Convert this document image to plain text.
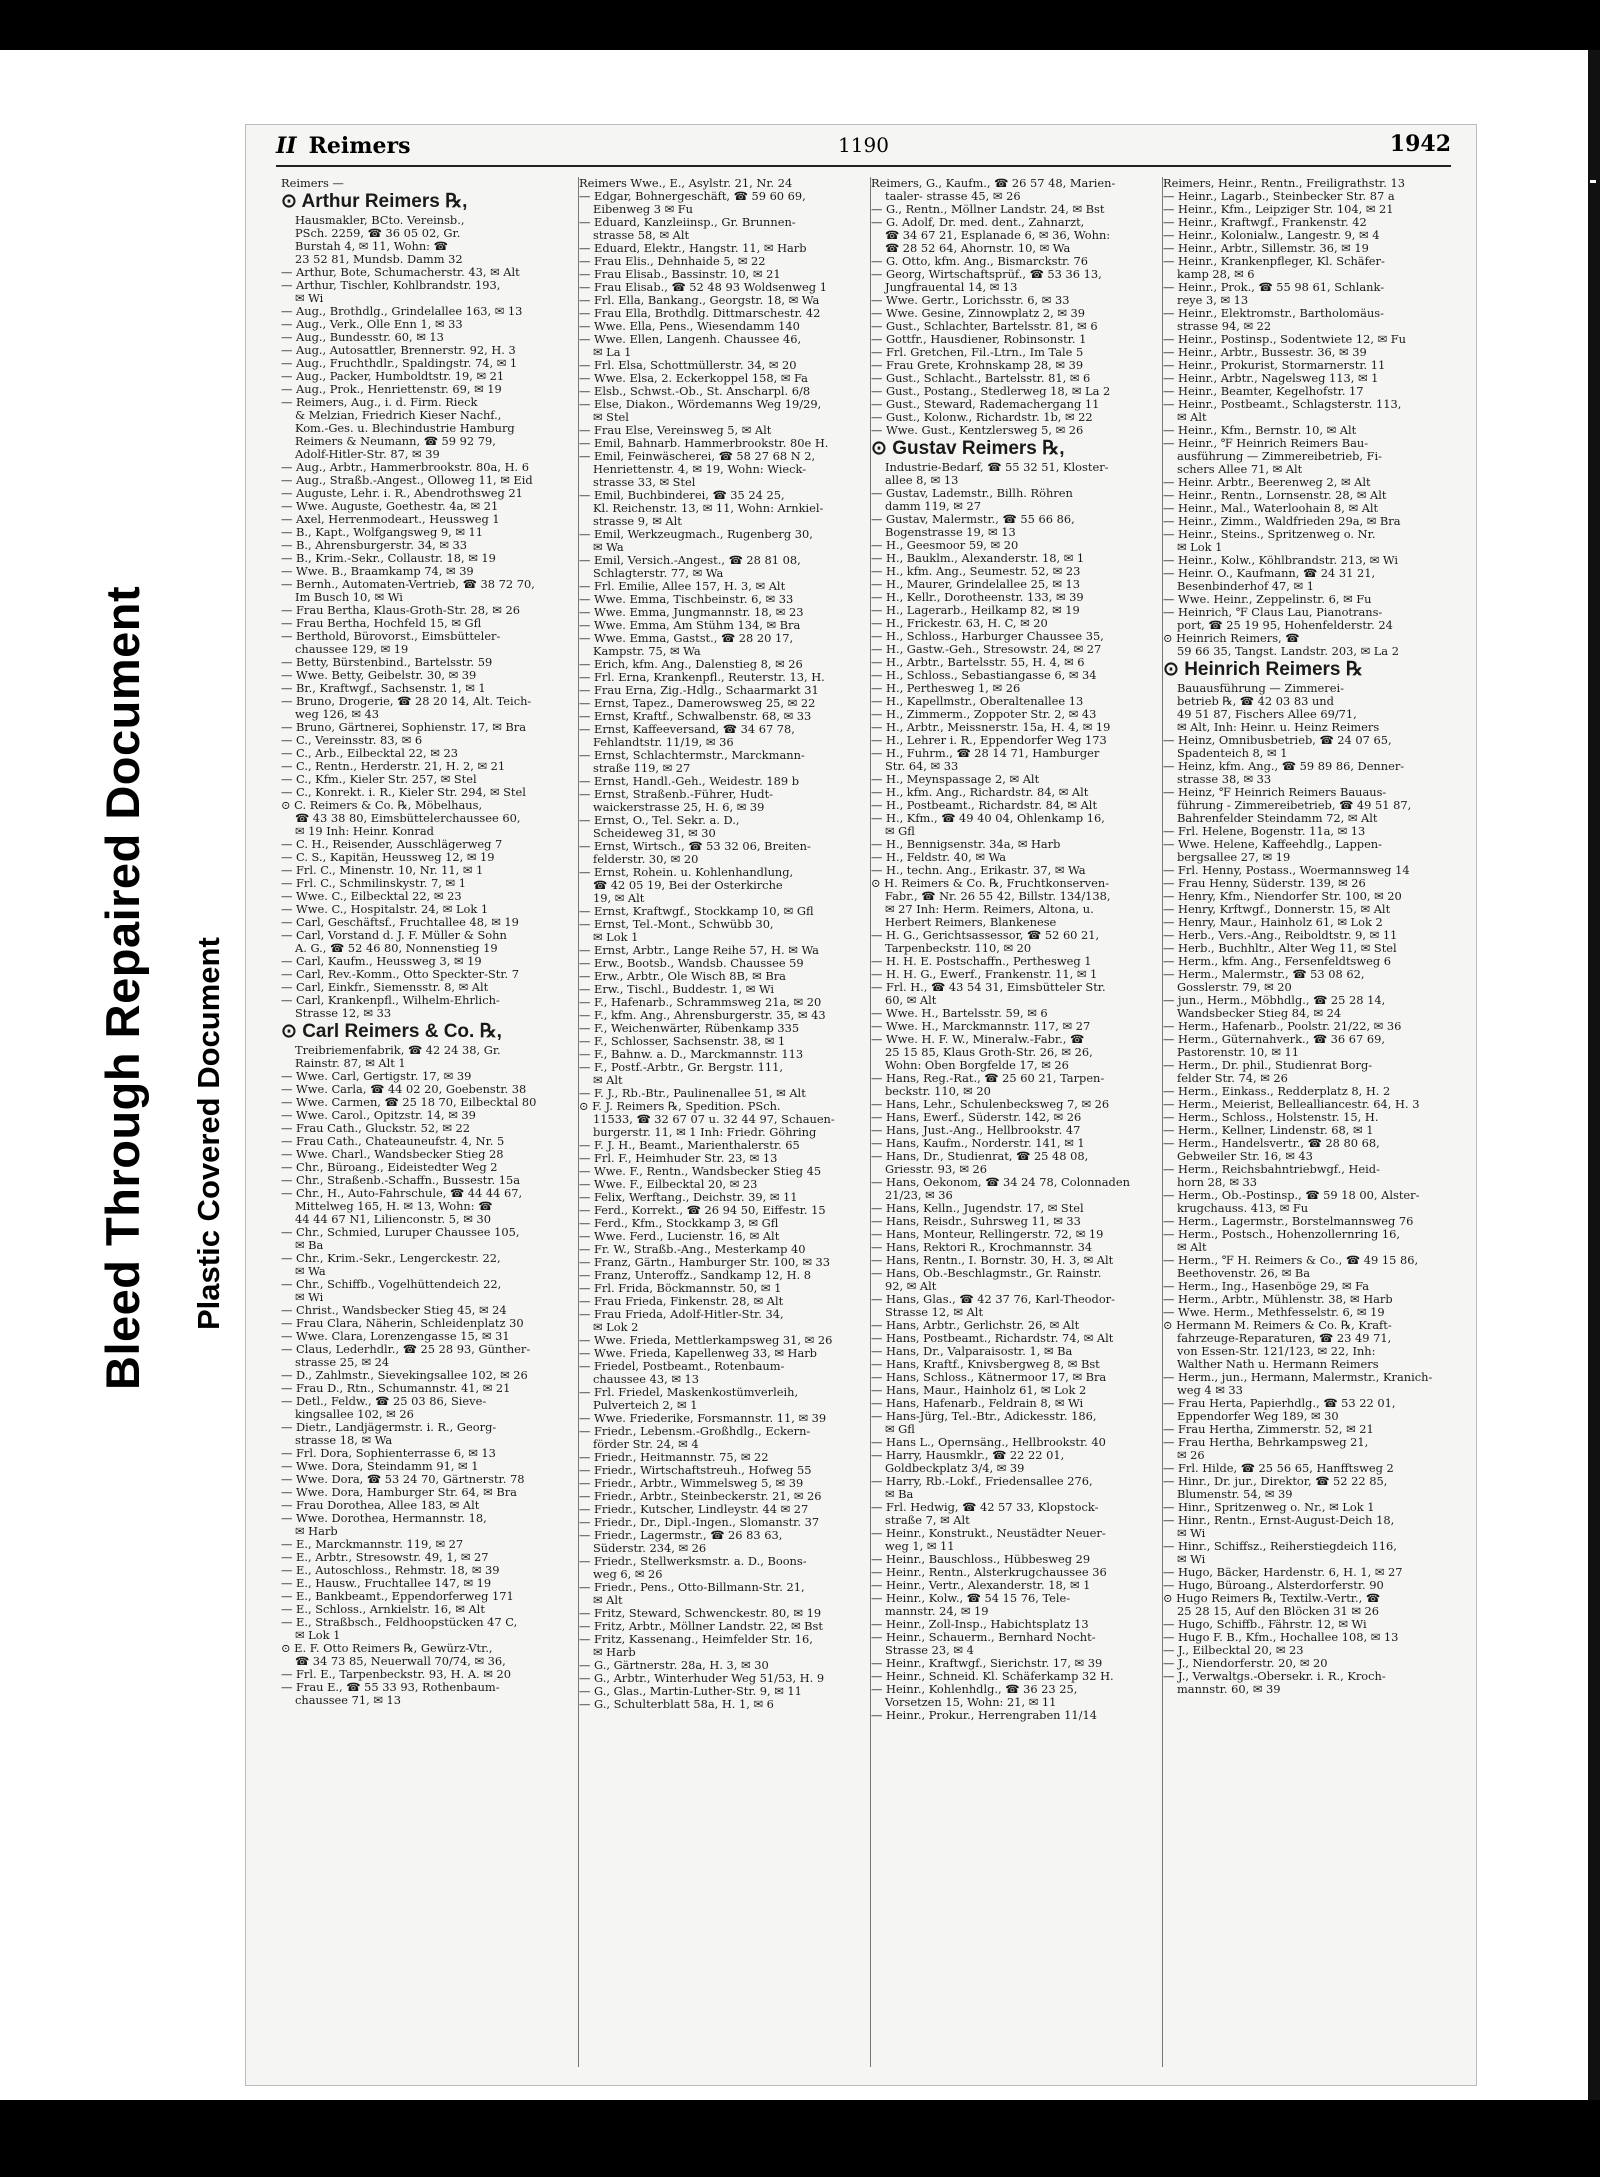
Bleed Through Repaired Document Plastic Covered Document
II Reimers	1190	1942
Reimers —
⊙ Arthur Reimers ℞,
Hausmakler, BCto. Vereinsb.,
PSch. 2259, ☎ 36 05 02, Gr.
Burstah 4, ✉ 11, Wohn: ☎
23 52 81, Mundsb. Damm 32
— Arthur, Bote, Schumacherstr. 43, ✉ Alt
— Arthur, Tischler, Kohlbrandstr. 193,
✉ Wi
— Aug., Brothdlg., Grindelallee 163, ✉ 13
— Aug., Verk., Olle Enn 1, ✉ 33
— Aug., Bundesstr. 60, ✉ 13
— Aug., Autosattler, Brennerstr. 92, H. 3
— Aug., Fruchthdlr., Spaldingstr. 74, ✉ 1
— Aug., Packer, Humboldtstr. 19, ✉ 21
— Aug., Prok., Henriettenstr. 69, ✉ 19
— Reimers, Aug., i. d. Firm. Rieck
& Melzian, Friedrich Kieser Nachf.,
Kom.-Ges. u. Blechindustrie Hamburg
Reimers & Neumann, ☎ 59 92 79,
Adolf-Hitler-Str. 87, ✉ 39
— Aug., Arbtr., Hammerbrookstr. 80a, H. 6
— Aug., Straßb.-Angest., Olloweg 11, ✉ Eid
— Auguste, Lehr. i. R., Abendrothsweg 21
— Wwe. Auguste, Goethestr. 4a, ✉ 21
— Axel, Herrenmodeart., Heussweg 1
— B., Kapt., Wolfgangsweg 9, ✉ 11
— B., Ahrensburgerstr. 34, ✉ 33
— B., Krim.-Sekr., Collaustr. 18, ✉ 19
— Wwe. B., Braamkamp 74, ✉ 39
— Bernh., Automaten-Vertrieb, ☎ 38 72 70,
Im Busch 10, ✉ Wi
— Frau Bertha, Klaus-Groth-Str. 28, ✉ 26
— Frau Bertha, Hochfeld 15, ✉ Gfl
— Berthold, Bürovorst., Eimsbütteler-
chaussee 129, ✉ 19
— Betty, Bürstenbind., Bartelsstr. 59
— Wwe. Betty, Geibelstr. 30, ✉ 39
— Br., Kraftwgf., Sachsenstr. 1, ✉ 1
— Bruno, Drogerie, ☎ 28 20 14, Alt. Teich-
weg 126, ✉ 43
— Bruno, Gärtnerei, Sophienstr. 17, ✉ Bra
— C., Vereinsstr. 83, ✉ 6
— C., Arb., Eilbecktal 22, ✉ 23
— C., Rentn., Herderstr. 21, H. 2, ✉ 21
— C., Kfm., Kieler Str. 257, ✉ Stel
— C., Konrekt. i. R., Kieler Str. 294, ✉ Stel
⊙ C. Reimers & Co. ℞, Möbelhaus,
☎ 43 38 80, Eimsbüttelerchaussee 60,
✉ 19 Inh: Heinr. Konrad
— C. H., Reisender, Ausschlägerweg 7
— C. S., Kapitän, Heussweg 12, ✉ 19
— Frl. C., Minenstr. 10, Nr. 11, ✉ 1
— Frl. C., Schmilinskystr. 7, ✉ 1
— Wwe. C., Eilbecktal 22, ✉ 23
— Wwe. C., Hospitalstr. 24, ✉ Lok 1
— Carl, Geschäftsf., Fruchtallee 48, ✉ 19
— Carl, Vorstand d. J. F. Müller & Sohn
A. G., ☎ 52 46 80, Nonnenstieg 19
— Carl, Kaufm., Heussweg 3, ✉ 19
— Carl, Rev.-Komm., Otto Speckter-Str. 7
— Carl, Einkfr., Siemensstr. 8, ✉ Alt
— Carl, Krankenpfl., Wilhelm-Ehrlich-
Strasse 12, ✉ 33
⊙ Carl Reimers & Co. ℞,
Treibriemenfabrik, ☎ 42 24 38, Gr.
Rainstr. 87, ✉ Alt 1
— Wwe. Carl, Gertigstr. 17, ✉ 39
— Wwe. Carla, ☎ 44 02 20, Goebenstr. 38
— Wwe. Carmen, ☎ 25 18 70, Eilbecktal 80
— Wwe. Carol., Opitzstr. 14, ✉ 39
— Frau Cath., Gluckstr. 52, ✉ 22
— Frau Cath., Chateauneufstr. 4, Nr. 5
— Wwe. Charl., Wandsbecker Stieg 28
— Chr., Büroang., Eideistedter Weg 2
— Chr., Straßenb.-Schaffn., Bussestr. 15a
— Chr., H., Auto-Fahrschule, ☎ 44 44 67,
Mittelweg 165, H. ✉ 13, Wohn: ☎
44 44 67 N1, Lilienconstr. 5, ✉ 30
— Chr., Schmied, Luruper Chaussee 105,
✉ Ba
— Chr., Krim.-Sekr., Lengerckestr. 22,
✉ Wa
— Chr., Schiffb., Vogelhüttendeich 22,
✉ Wi
— Christ., Wandsbecker Stieg 45, ✉ 24
— Frau Clara, Näherin, Schleidenplatz 30
— Wwe. Clara, Lorenzengasse 15, ✉ 31
— Claus, Lederhdlr., ☎ 25 28 93, Günther-
strasse 25, ✉ 24
— D., Zahlmstr., Sievekingsallee 102, ✉ 26
— Frau D., Rtn., Schumannstr. 41, ✉ 21
— Detl., Feldw., ☎ 25 03 86, Sieve-
kingsallee 102, ✉ 26
— Dietr., Landjägermstr. i. R., Georg-
strasse 18, ✉ Wa
— Frl. Dora, Sophienterrasse 6, ✉ 13
— Wwe. Dora, Steindamm 91, ✉ 1
— Wwe. Dora, ☎ 53 24 70, Gärtnerstr. 78
— Wwe. Dora, Hamburger Str. 64, ✉ Bra
— Frau Dorothea, Allee 183, ✉ Alt
— Wwe. Dorothea, Hermannstr. 18,
✉ Harb
— E., Marckmannstr. 119, ✉ 27
— E., Arbtr., Stresowstr. 49, 1, ✉ 27
— E., Autoschloss., Rehmstr. 18, ✉ 39
— E., Hausw., Fruchtallee 147, ✉ 19
— E., Bankbeamt., Eppendorferweg 171
— E., Schloss., Arnkielstr. 16, ✉ Alt
— E., Straßbsch., Feldhoopstücken 47 C,
✉ Lok 1
⊙ E. F. Otto Reimers ℞, Gewürz-Vtr.,
☎ 34 73 85, Neuerwall 70/74, ✉ 36,
— Frl. E., Tarpenbeckstr. 93, H. A. ✉ 20
— Frau E., ☎ 55 33 93, Rothenbaum-
chaussee 71, ✉ 13
Reimers Wwe., E., Asylstr. 21, Nr. 24
— Edgar, Bohnergeschäft, ☎ 59 60 69,
Eibenweg 3 ✉ Fu
— Eduard, Kanzleiinsp., Gr. Brunnen-
strasse 58, ✉ Alt
— Eduard, Elektr., Hangstr. 11, ✉ Harb
— Frau Elis., Dehnhaide 5, ✉ 22
— Frau Elisab., Bassinstr. 10, ✉ 21
— Frau Elisab., ☎ 52 48 93 Woldsenweg 1
— Frl. Ella, Bankang., Georgstr. 18, ✉ Wa
— Frau Ella, Brothdlg. Dittmarschestr. 42
— Wwe. Ella, Pens., Wiesendamm 140
— Wwe. Ellen, Langenh. Chaussee 46,
✉ La 1
— Frl. Elsa, Schottmüllerstr. 34, ✉ 20
— Wwe. Elsa, 2. Eckerkoppel 158, ✉ Fa
— Elsb., Schwst.-Ob., St. Anscharpl. 6/8
— Else, Diakon., Wördemanns Weg 19/29,
✉ Stel
— Frau Else, Vereinsweg 5, ✉ Alt
— Emil, Bahnarb. Hammerbrookstr. 80e H.
— Emil, Feinwäscherei, ☎ 58 27 68 N 2,
Henriettenstr. 4, ✉ 19, Wohn: Wieck-
strasse 33, ✉ Stel
— Emil, Buchbinderei, ☎ 35 24 25,
Kl. Reichenstr. 13, ✉ 11, Wohn: Arnkiel-
strasse 9, ✉ Alt
— Emil, Werkzeugmach., Rugenberg 30,
✉ Wa
— Emil, Versich.-Angest., ☎ 28 81 08,
Schlagterstr. 77, ✉ Wa
— Frl. Emilie, Allee 157, H. 3, ✉ Alt
— Wwe. Emma, Tischbeinstr. 6, ✉ 33
— Wwe. Emma, Jungmannstr. 18, ✉ 23
— Wwe. Emma, Am Stühm 134, ✉ Bra
— Wwe. Emma, Gastst., ☎ 28 20 17,
Kampstr. 75, ✉ Wa
— Erich, kfm. Ang., Dalenstieg 8, ✉ 26
— Frl. Erna, Krankenpfl., Reuterstr. 13, H.
— Frau Erna, Zig.-Hdlg., Schaarmarkt 31
— Ernst, Tapez., Damerowsweg 25, ✉ 22
— Ernst, Kraftf., Schwalbenstr. 68, ✉ 33
— Ernst, Kaffeeversand, ☎ 34 67 78,
Fehlandtstr. 11/19, ✉ 36
— Ernst, Schlachtermstr., Marckmann-
straße 119, ✉ 27
— Ernst, Handl.-Geh., Weidestr. 189 b
— Ernst, Straßenb.-Führer, Hudt-
waickerstrasse 25, H. 6, ✉ 39
— Ernst, O., Tel. Sekr. a. D.,
Scheideweg 31, ✉ 30
— Ernst, Wirtsch., ☎ 53 32 06, Breiten-
felderstr. 30, ✉ 20
— Ernst, Rohein. u. Kohlenhandlung,
☎ 42 05 19, Bei der Osterkirche
19, ✉ Alt
— Ernst, Kraftwgf., Stockkamp 10, ✉ Gfl
— Ernst, Tel.-Mont., Schwübb 30,
✉ Lok 1
— Ernst, Arbtr., Lange Reihe 57, H. ✉ Wa
— Erw., Bootsb., Wandsb. Chaussee 59
— Erw., Arbtr., Ole Wisch 8B, ✉ Bra
— Erw., Tischl., Buddestr. 1, ✉ Wi
— F., Hafenarb., Schrammsweg 21a, ✉ 20
— F., kfm. Ang., Ahrensburgerstr. 35, ✉ 43
— F., Weichenwärter, Rübenkamp 335
— F., Schlosser, Sachsenstr. 38, ✉ 1
— F., Bahnw. a. D., Marckmannstr. 113
— F., Postf.-Arbtr., Gr. Bergstr. 111,
✉ Alt
— F. J., Rb.-Btr., Paulinenallee 51, ✉ Alt
⊙ F. J. Reimers ℞, Spedition. PSch.
11533, ☎ 32 67 07 u. 32 44 97, Schauen-
burgerstr. 11, ✉ 1 Inh: Friedr. Göhring
— F. J. H., Beamt., Marienthalerstr. 65
— Frl. F., Heimhuder Str. 23, ✉ 13
— Wwe. F., Rentn., Wandsbecker Stieg 45
— Wwe. F., Eilbecktal 20, ✉ 23
— Felix, Werftang., Deichstr. 39, ✉ 11
— Ferd., Korrekt., ☎ 26 94 50, Eiffestr. 15
— Ferd., Kfm., Stockkamp 3, ✉ Gfl
— Wwe. Ferd., Lucienstr. 16, ✉ Alt
— Fr. W., Straßb.-Ang., Mesterkamp 40
— Franz, Gärtn., Hamburger Str. 100, ✉ 33
— Franz, Unteroffz., Sandkamp 12, H. 8
— Frl. Frida, Böckmannstr. 50, ✉ 1
— Frau Frieda, Finkenstr. 28, ✉ Alt
— Frau Frieda, Adolf-Hitler-Str. 34,
✉ Lok 2
— Wwe. Frieda, Mettlerkampsweg 31, ✉ 26
— Wwe. Frieda, Kapellenweg 33, ✉ Harb
— Friedel, Postbeamt., Rotenbaum-
chaussee 43, ✉ 13
— Frl. Friedel, Maskenkostümverleih,
Pulverteich 2, ✉ 1
— Wwe. Friederike, Forsmannstr. 11, ✉ 39
— Friedr., Lebensm.-Großhdlg., Eckern-
förder Str. 24, ✉ 4
— Friedr., Heitmannstr. 75, ✉ 22
— Friedr., Wirtschaftstreuh., Hofweg 55
— Friedr., Arbtr., Wimmelsweg 5, ✉ 39
— Friedr., Arbtr., Steinbeckerstr. 21, ✉ 26
— Friedr., Kutscher, Lindleystr. 44 ✉ 27
— Friedr., Dr., Dipl.-Ingen., Slomanstr. 37
— Friedr., Lagermstr., ☎ 26 83 63,
Süderstr. 234, ✉ 26
— Friedr., Stellwerksmstr. a. D., Boons-
weg 6, ✉ 26
— Friedr., Pens., Otto-Billmann-Str. 21,
✉ Alt
— Fritz, Steward, Schwenckestr. 80, ✉ 19
— Fritz, Arbtr., Möllner Landstr. 22, ✉ Bst
— Fritz, Kassenang., Heimfelder Str. 16,
✉ Harb
— G., Gärtnerstr. 28a, H. 3, ✉ 30
— G., Arbtr., Winterhuder Weg 51/53, H. 9
— G., Glas., Martin-Luther-Str. 9, ✉ 11
— G., Schulterblatt 58a, H. 1, ✉ 6
Reimers, G., Kaufm., ☎ 26 57 48, Marien-
taaler- strasse 45, ✉ 26
— G., Rentn., Möllner Landstr. 24, ✉ Bst
— G. Adolf, Dr. med. dent., Zahnarzt,
☎ 34 67 21, Esplanade 6, ✉ 36, Wohn:
☎ 28 52 64, Ahornstr. 10, ✉ Wa
— G. Otto, kfm. Ang., Bismarckstr. 76
— Georg, Wirtschaftsprüf., ☎ 53 36 13,
Jungfrauental 14, ✉ 13
— Wwe. Gertr., Lorichsstr. 6, ✉ 33
— Wwe. Gesine, Zinnowplatz 2, ✉ 39
— Gust., Schlachter, Bartelsstr. 81, ✉ 6
— Gottfr., Hausdiener, Robinsonstr. 1
— Frl. Gretchen, Fil.-Ltrn., Im Tale 5
— Frau Grete, Krohnskamp 28, ✉ 39
— Gust., Schlacht., Bartelsstr. 81, ✉ 6
— Gust., Postang., Stedlerweg 18, ✉ La 2
— Gust., Steward, Rademachergang 11
— Gust., Kolonw., Richardstr. 1b, ✉ 22
— Wwe. Gust., Kentzlersweg 5, ✉ 26
⊙ Gustav Reimers ℞,
Industrie-Bedarf, ☎ 55 32 51, Kloster-
allee 8, ✉ 13
— Gustav, Lademstr., Billh. Röhren
damm 119, ✉ 27
— Gustav, Malermstr., ☎ 55 66 86,
Bogenstrasse 19, ✉ 13
— H., Geesmoor 59, ✉ 20
— H., Bauklm., Alexanderstr. 18, ✉ 1
— H., kfm. Ang., Seumestr. 52, ✉ 23
— H., Maurer, Grindelallee 25, ✉ 13
— H., Kellr., Dorotheenstr. 133, ✉ 39
— H., Lagerarb., Heilkamp 82, ✉ 19
— H., Frickestr. 63, H. C, ✉ 20
— H., Schloss., Harburger Chaussee 35,
— H., Gastw.-Geh., Stresowstr. 24, ✉ 27
— H., Arbtr., Bartelsstr. 55, H. 4, ✉ 6
— H., Schloss., Sebastiangasse 6, ✉ 34
— H., Perthesweg 1, ✉ 26
— H., Kapellmstr., Oberaltenallee 13
— H., Zimmerm., Zoppoter Str. 2, ✉ 43
— H., Arbtr., Meissnerstr. 15a, H. 4, ✉ 19
— H., Lehrer i. R., Eppendorfer Weg 173
— H., Fuhrm., ☎ 28 14 71, Hamburger
Str. 64, ✉ 33
— H., Meynspassage 2, ✉ Alt
— H., kfm. Ang., Richardstr. 84, ✉ Alt
— H., Postbeamt., Richardstr. 84, ✉ Alt
— H., Kfm., ☎ 49 40 04, Ohlenkamp 16,
✉ Gfl
— H., Bennigsenstr. 34a, ✉ Harb
— H., Feldstr. 40, ✉ Wa
— H., techn. Ang., Erikastr. 37, ✉ Wa
⊙ H. Reimers & Co. ℞, Fruchtkonserven-
Fabr., ☎ Nr. 26 55 42, Billstr. 134/138,
✉ 27 Inh: Herm. Reimers, Altona, u.
Herbert Reimers, Blankenese
— H. G., Gerichtsassessor, ☎ 52 60 21,
Tarpenbeckstr. 110, ✉ 20
— H. H. E. Postschaffn., Perthesweg 1
— H. H. G., Ewerf., Frankenstr. 11, ✉ 1
— Frl. H., ☎ 43 54 31, Eimsbütteler Str.
60, ✉ Alt
— Wwe. H., Bartelsstr. 59, ✉ 6
— Wwe. H., Marckmannstr. 117, ✉ 27
— Wwe. H. F. W., Mineralw.-Fabr., ☎
25 15 85, Klaus Groth-Str. 26, ✉ 26,
Wohn: Oben Borgfelde 17, ✉ 26
— Hans, Reg.-Rat., ☎ 25 60 21, Tarpen-
beckstr. 110, ✉ 20
— Hans, Lehr., Schulenbecksweg 7, ✉ 26
— Hans, Ewerf., Süderstr. 142, ✉ 26
— Hans, Just.-Ang., Hellbrookstr. 47
— Hans, Kaufm., Norderstr. 141, ✉ 1
— Hans, Dr., Studienrat, ☎ 25 48 08,
Griesstr. 93, ✉ 26
— Hans, Oekonom, ☎ 34 24 78, Colonnaden
21/23, ✉ 36
— Hans, Kelln., Jugendstr. 17, ✉ Stel
— Hans, Reisdr., Suhrsweg 11, ✉ 33
— Hans, Monteur, Rellingerstr. 72, ✉ 19
— Hans, Rektori R., Krochmannstr. 34
— Hans, Rentn., I. Bornstr. 30, H. 3, ✉ Alt
— Hans, Ob.-Beschlagmstr., Gr. Rainstr.
92, ✉ Alt
— Hans, Glas., ☎ 42 37 76, Karl-Theodor-
Strasse 12, ✉ Alt
— Hans, Arbtr., Gerlichstr. 26, ✉ Alt
— Hans, Postbeamt., Richardstr. 74, ✉ Alt
— Hans, Dr., Valparaisostr. 1, ✉ Ba
— Hans, Kraftf., Knivsbergweg 8, ✉ Bst
— Hans, Schloss., Kätnermoor 17, ✉ Bra
— Hans, Maur., Hainholz 61, ✉ Lok 2
— Hans, Hafenarb., Feldrain 8, ✉ Wi
— Hans-Jürg, Tel.-Btr., Adickesstr. 186,
✉ Gfl
— Hans L., Opernsäng., Hellbrookstr. 40
— Harry, Hausmklr., ☎ 22 22 01,
Goldbeckplatz 3/4, ✉ 39
— Harry, Rb.-Lokf., Friedensallee 276,
✉ Ba
— Frl. Hedwig, ☎ 42 57 33, Klopstock-
straße 7, ✉ Alt
— Heinr., Konstrukt., Neustädter Neuer-
weg 1, ✉ 11
— Heinr., Bauschloss., Hübbesweg 29
— Heinr., Rentn., Alsterkrugchaussee 36
— Heinr., Vertr., Alexanderstr. 18, ✉ 1
— Heinr., Kolw., ☎ 54 15 76, Tele-
mannstr. 24, ✉ 19
— Heinr., Zoll-Insp., Habichtsplatz 13
— Heinr., Schauerm., Bernhard Nocht-
Strasse 23, ✉ 4
— Heinr., Kraftwgf., Sierichstr. 17, ✉ 39
— Heinr., Schneid. Kl. Schäferkamp 32 H.
— Heinr., Kohlenhdlg., ☎ 36 23 25,
Vorsetzen 15, Wohn: 21, ✉ 11
— Heinr., Prokur., Herrengraben 11/14
Reimers, Heinr., Rentn., Freiligrathstr. 13
— Heinr., Lagarb., Steinbecker Str. 87 a
— Heinr., Kfm., Leipziger Str. 104, ✉ 21
— Heinr., Kraftwgf., Frankenstr. 42
— Heinr., Kolonialw., Langestr. 9, ✉ 4
— Heinr., Arbtr., Sillemstr. 36, ✉ 19
— Heinr., Krankenpfleger, Kl. Schäfer-
kamp 28, ✉ 6
— Heinr., Prok., ☎ 55 98 61, Schlank-
reye 3, ✉ 13
— Heinr., Elektromstr., Bartholomäus-
strasse 94, ✉ 22
— Heinr., Postinsp., Sodentwiete 12, ✉ Fu
— Heinr., Arbtr., Bussestr. 36, ✉ 39
— Heinr., Prokurist, Stormarnerstr. 11
— Heinr., Arbtr., Nagelsweg 113, ✉ 1
— Heinr., Beamter, Kegelhofstr. 17
— Heinr., Postbeamt., Schlagsterstr. 113,
✉ Alt
— Heinr., Kfm., Bernstr. 10, ✉ Alt
— Heinr., ℉ Heinrich Reimers Bau-
ausführung — Zimmereibetrieb, Fi-
schers Allee 71, ✉ Alt
— Heinr. Arbtr., Beerenweg 2, ✉ Alt
— Heinr., Rentn., Lornsenstr. 28, ✉ Alt
— Heinr., Mal., Waterloohain 8, ✉ Alt
— Heinr., Zimm., Waldfrieden 29a, ✉ Bra
— Heinr., Steins., Spritzenweg o. Nr.
✉ Lok 1
— Heinr., Kolw., Köhlbrandstr. 213, ✉ Wi
— Heinr. O., Kaufmann, ☎ 24 31 21,
Besenbinderhof 47, ✉ 1
— Wwe. Heinr., Zeppelinstr. 6, ✉ Fu
— Heinrich, ℉ Claus Lau, Pianotrans-
port, ☎ 25 19 95, Hohenfelderstr. 24
⊙ Heinrich Reimers, ☎
59 66 35, Tangst. Landstr. 203, ✉ La 2
⊙ Heinrich Reimers ℞
Bauausführung — Zimmerei-
betrieb ℞, ☎ 42 03 83 und
49 51 87, Fischers Allee 69/71,
✉ Alt, Inh: Heinr. u. Heinz Reimers
— Heinz, Omnibusbetrieb, ☎ 24 07 65,
Spadenteich 8, ✉ 1
— Heinz, kfm. Ang., ☎ 59 89 86, Denner-
strasse 38, ✉ 33
— Heinz, ℉ Heinrich Reimers Bauaus-
führung - Zimmereibetrieb, ☎ 49 51 87,
Bahrenfelder Steindamm 72, ✉ Alt
— Frl. Helene, Bogenstr. 11a, ✉ 13
— Wwe. Helene, Kaffeehdlg., Lappen-
bergsallee 27, ✉ 19
— Frl. Henny, Postass., Woermannsweg 14
— Frau Henny, Süderstr. 139, ✉ 26
— Henry, Kfm., Niendorfer Str. 100, ✉ 20
— Henry, Krftwgf., Donnerstr. 15, ✉ Alt
— Henry, Maur., Hainholz 61, ✉ Lok 2
— Herb., Vers.-Ang., Reiboldtstr. 9, ✉ 11
— Herb., Buchhltr., Alter Weg 11, ✉ Stel
— Herm., kfm. Ang., Fersenfeldtsweg 6
— Herm., Malermstr., ☎ 53 08 62,
Gosslerstr. 79, ✉ 20
— jun., Herm., Möbhdlg., ☎ 25 28 14,
Wandsbecker Stieg 84, ✉ 24
— Herm., Hafenarb., Poolstr. 21/22, ✉ 36
— Herm., Güternahverk., ☎ 36 67 69,
Pastorenstr. 10, ✉ 11
— Herm., Dr. phil., Studienrat Borg-
felder Str. 74, ✉ 26
— Herm., Einkass., Redderplatz 8, H. 2
— Herm., Meierist, Bellealliancestr. 64, H. 3
— Herm., Schloss., Holstenstr. 15, H.
— Herm., Kellner, Lindenstr. 68, ✉ 1
— Herm., Handelsvertr., ☎ 28 80 68,
Gebweiler Str. 16, ✉ 43
— Herm., Reichsbahntriebwgf., Heid-
horn 28, ✉ 33
— Herm., Ob.-Postinsp., ☎ 59 18 00, Alster-
krugchauss. 413, ✉ Fu
— Herm., Lagermstr., Borstelmannsweg 76
— Herm., Postsch., Hohenzollernring 16,
✉ Alt
— Herm., ℉ H. Reimers & Co., ☎ 49 15 86,
Beethovenstr. 26, ✉ Ba
— Herm., Ing., Hasenböge 29, ✉ Fa
— Herm., Arbtr., Mühlenstr. 38, ✉ Harb
— Wwe. Herm., Methfesselstr. 6, ✉ 19
⊙ Hermann M. Reimers & Co. ℞, Kraft-
fahrzeuge-Reparaturen, ☎ 23 49 71,
von Essen-Str. 121/123, ✉ 22, Inh:
Walther Nath u. Hermann Reimers
— Herm., jun., Hermann, Malermstr., Kranich-
weg 4 ✉ 33
— Frau Herta, Papierhdlg., ☎ 53 22 01,
Eppendorfer Weg 189, ✉ 30
— Frau Hertha, Zimmerstr. 52, ✉ 21
— Frau Hertha, Behrkampsweg 21,
✉ 26
— Frl. Hilde, ☎ 25 56 65, Hanfftsweg 2
— Hinr., Dr. jur., Direktor, ☎ 52 22 85,
Blumenstr. 54, ✉ 39
— Hinr., Spritzenweg o. Nr., ✉ Lok 1
— Hinr., Rentn., Ernst-August-Deich 18,
✉ Wi
— Hinr., Schiffsz., Reiherstiegdeich 116,
✉ Wi
— Hugo, Bäcker, Hardenstr. 6, H. 1, ✉ 27
— Hugo, Büroang., Alsterdorferstr. 90
⊙ Hugo Reimers ℞, Textilw.-Vertr., ☎
25 28 15, Auf den Blöcken 31 ✉ 26
— Hugo, Schiffb., Fährstr. 12, ✉ Wi
— Hugo F. B., Kfm., Hochallee 108, ✉ 13
— J., Eilbecktal 20, ✉ 23
— J., Niendorferstr. 20, ✉ 20
— J., Verwaltgs.-Obersekr. i. R., Kroch-
mannstr. 60, ✉ 39
